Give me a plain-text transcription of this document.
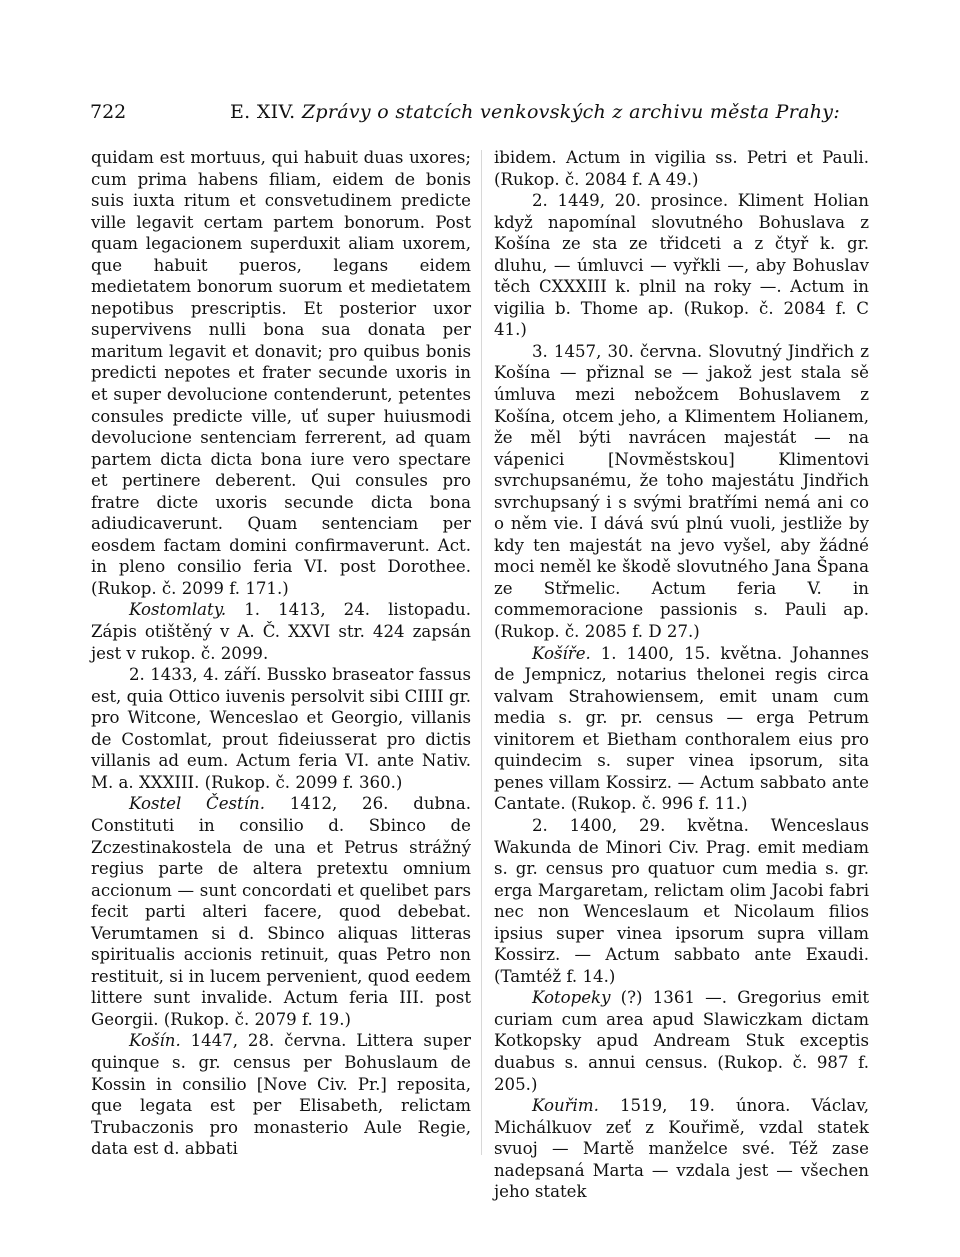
722	E. XIV. Zprávy o statcích venkovských z archivu města Prahy:

quidam est mortuus, qui habuit duas uxores; cum prima habens filiam, eidem de bonis suis iuxta ritum et consvetudinem predicte ville legavit certam partem bonorum. Post quam legacionem superduxit aliam uxorem, que habuit pueros, legans eidem medietatem bonorum suorum et medietatem nepotibus prescriptis. Et posterior uxor supervivens nulli bona sua donata per maritum legavit et donavit; pro quibus bonis predicti nepotes et frater secunde uxoris in et super devolucione contenderunt, petentes consules predicte ville, uť super huiusmodi devolucione sentenciam ferrerent, ad quam partem dicta dicta bona iure vero spectare et pertinere deberent. Qui consules pro fratre dicte uxoris secunde dicta bona adiudicaverunt. Quam sentenciam per eosdem factam domini confirmaverunt. Act. in pleno consilio feria VI. post Dorothee. (Rukop. č. 2099 f. 171.)

Kostomlaty. 1. 1413, 24. listopadu. Zápis otištěný v A. Č. XXVI str. 424 zapsán jest v rukop. č. 2099.

2. 1433, 4. září. Bussko braseator fassus est, quia Ottico iuvenis persolvit sibi CIIII gr. pro Witcone, Wenceslao et Georgio, villanis de Costomlat, prout fideiusserat pro dictis villanis ad eum. Actum feria VI. ante Nativ. M. a. XXXIII. (Rukop. č. 2099 f. 360.)

Kostel Čestín. 1412, 26. dubna. Constituti in consilio d. Sbinco de Zczestinakostela de una et Petrus strážný regius parte de altera pretextu omnium accionum — sunt concordati et quelibet pars fecit parti alteri facere, quod debebat. Verumtamen si d. Sbinco aliquas litteras spiritualis accionis retinuit, quas Petro non restituit, si in lucem pervenient, quod eedem littere sunt invalide. Actum feria III. post Georgii. (Rukop. č. 2079 f. 19.)

Košín. 1447, 28. června. Littera super quinque s. gr. census per Bohuslaum de Kossin in consilio [Nove Civ. Pr.] reposita, que legata est per Elisabeth, relictam Trubaczonis pro monasterio Aule Regie, data est d. abbati

ibidem. Actum in vigilia ss. Petri et Pauli. (Rukop. č. 2084 f. A 49.)

2. 1449, 20. prosince. Kliment Holian když napomínal slovutného Bohuslava z Košína ze sta ze třidceti a z čtyř k. gr. dluhu, — úmluvci — vyřkli —, aby Bohuslav těch CXXXIII k. plnil na roky —. Actum in vigilia b. Thome ap. (Rukop. č. 2084 f. C 41.)

3. 1457, 30. června. Slovutný Jindřich z Košína — přiznal se — jakož jest stala sě úmluva mezi nebožcem Bohuslavem z Košína, otcem jeho, a Klimentem Holianem, že měl býti navrácen majestát — na vápenici [Novměstskou] Klimentovi svrchupsanému, že toho majestátu Jindřich svrchupsaný i s svými bratřími nemá ani co o něm vie. I dává svú plnú vuoli, jestliže by kdy ten majestát na jevo vyšel, aby žádné moci neměl ke škodě slovutného Jana Španа ze Střmelic. Actum feria V. in commemoracione passionis s. Pauli ap. (Rukop. č. 2085 f. D 27.)

Košíře. 1. 1400, 15. května. Johannes de Jempnicz, notarius thelonei regis circa valvam Strahowiensem, emit unam cum media s. gr. pr. census — erga Petrum vinitorem et Bietham conthoralem eius pro quindecim s. super vinea ipsorum, sita penes villam Kossirz. — Actum sabbato ante Cantate. (Rukop. č. 996 f. 11.)

2. 1400, 29. května. Wenceslaus Wakunda de Minori Civ. Prag. emit mediam s. gr. census pro quatuor cum media s. gr. erga Margaretam, relictam olim Jacobi fabri nec non Wenceslaum et Nicolaum filios ipsius super vinea ipsorum supra villam Kossirz. — Actum sabbato ante Exaudi. (Tamtéž f. 14.)

Kotopeky (?) 1361 —. Gregorius emit curiam cum area apud Slawiczkam dictam Kotkopsky apud Andream Stuk exceptis duabus s. annui census. (Rukop. č. 987 f. 205.)

Kouřim. 1519, 19. února. Václav, Michálkuov zeť z Kouřimě, vzdal statek svuoj — Martě manželce své. Též zase nadepsaná Marta — vzdala jest — všechen jeho statek
